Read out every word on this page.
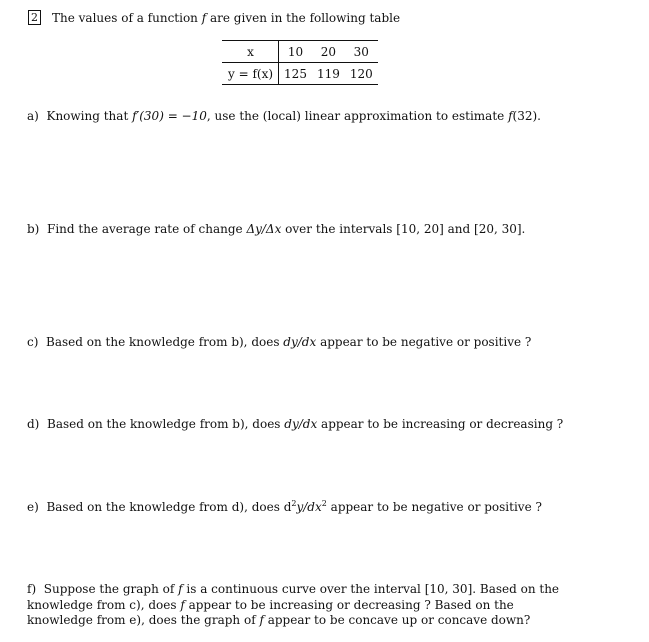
2 The values of a function f are given in the following table
x	10	20	30
y = f(x)	125	119	120
a) Knowing that f′(30) = −10, use the (local) linear approximation to estimate f(32).
b) Find the average rate of change Δy/Δx over the intervals [10, 20] and [20, 30].
c) Based on the knowledge from b), does dy/dx appear to be negative or positive ?
d) Based on the knowledge from b), does dy/dx appear to be increasing or decreasing ?
e) Based on the knowledge from d), does $d^2y/dx^2$ appear to be negative or positive ?
f) Suppose the graph of f is a continuous curve over the interval [10, 30]. Based on the knowledge from c), does f appear to be increasing or decreasing ? Based on the knowledge from e), does the graph of f appear to be concave up or concave down?
